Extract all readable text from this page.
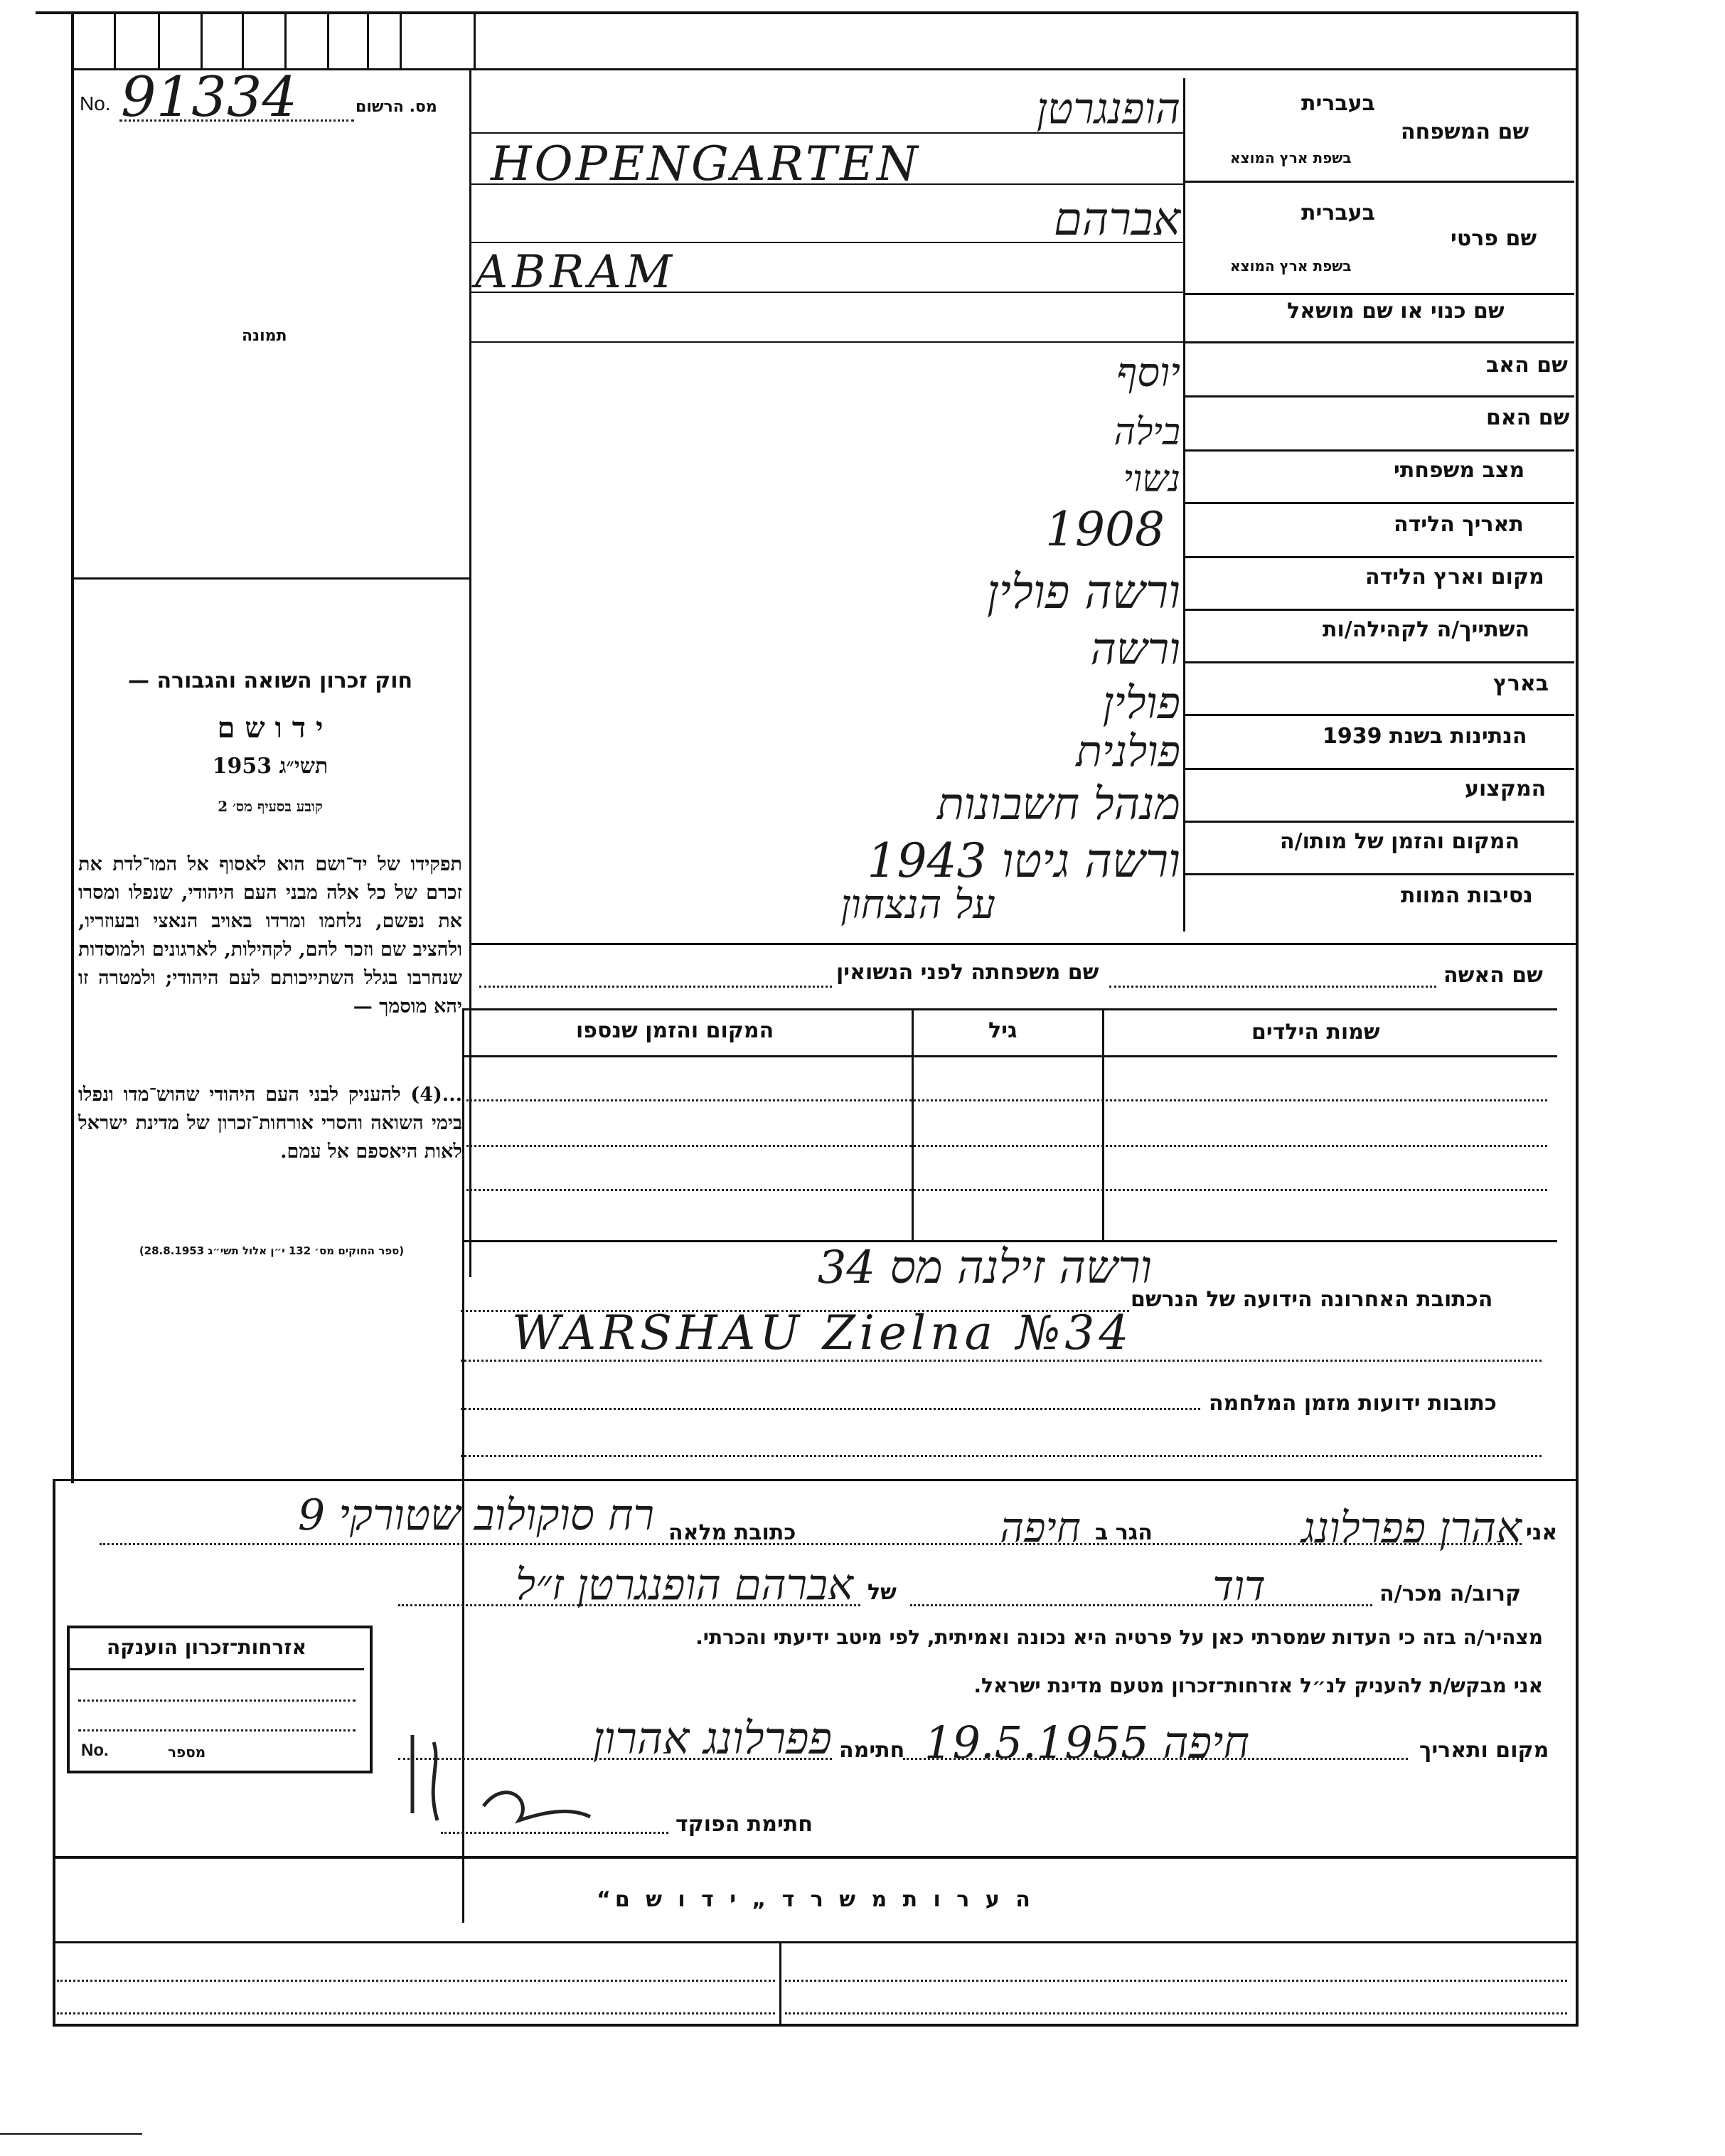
No. 91334	מס. הרשום
תמונה
חוק זכרון השואה והגבורה —
י ד ו ש ם
תשי״ג 1953
קובע בסעיף מס׳ 2
תפקידו של יד־ושם הוא לאסוף אל המו־לדת את זכרם של כל אלה מבני העם היהודי, שנפלו ומסרו את נפשם, נלחמו ומרדו באויב הנאצי ובעוזריו, ולהציב שם וזכר להם, לקהילות, לארגונים ולמוסדות שנחרבו בגלל השתייכותם לעם היהודי; ולמטרה זו יהא מוסמך —
...(4) להעניק לבני העם היהודי שהוש־מדו ונפלו בימי השואה והסרי אורחות־זכרון של מדינת ישראל לאות היאספם אל עמם.
(ספר החוקים מס׳ 132 י״ן אלול תשי״ג 28.8.1953)
בעברית
שם המשפחה
בשפת ארץ המוצא
בעברית
שם פרטי
בשפת ארץ המוצא
שם כנוי או שם מושאל
שם האב
שם האם
מצב משפחתי
תאריך הלידה
מקום וארץ הלידה
השתייך/ה לקהילה/ות
בארץ
הנתינות בשנת 1939
המקצוע
המקום והזמן של מותו/ה
נסיבות המוות
הופנגרטן
HOPENGARTEN
אברהם
ABRAM
יוסף
בילה
נשוי
1908
ורשה פולין
ורשה
פולין
פולנית
מנהל חשבונות
ורשה גיטו 1943
על הנצחון
שם האשה
שם משפחתה לפני הנשואין
שמות הילדים
גיל
המקום והזמן שנספו
ורשה זילנה מס 34
הכתובת האחרונה הידועה של הנרשם
WARSHAU Zielna №34
כתובות ידועות מזמן המלחמה
אני
אהרן פפרלונג
הגר ב
חיפה
כתובת מלאה
רח סוקולוב שטורקי 9
קרוב/ה מכר/ה
דוד
של
אברהם הופנגרטן ז״ל
מצהיר/ה בזה כי העדות שמסרתי כאן על פרטיה היא נכונה ואמיתית, לפי מיטב ידיעתי והכרתי.
אני מבקש/ת להעניק לנ״ל אזרחות־זכרון מטעם מדינת ישראל.
מקום ותאריך
חיפה 19.5.1955
חתימה
פפרלונג אהרון
חתימת הפוקד
אזרחות־זכרון הוענקה
No.	מספר
ה ע ר ו ת מ ש ר ד „ י ד ו ש ם“
